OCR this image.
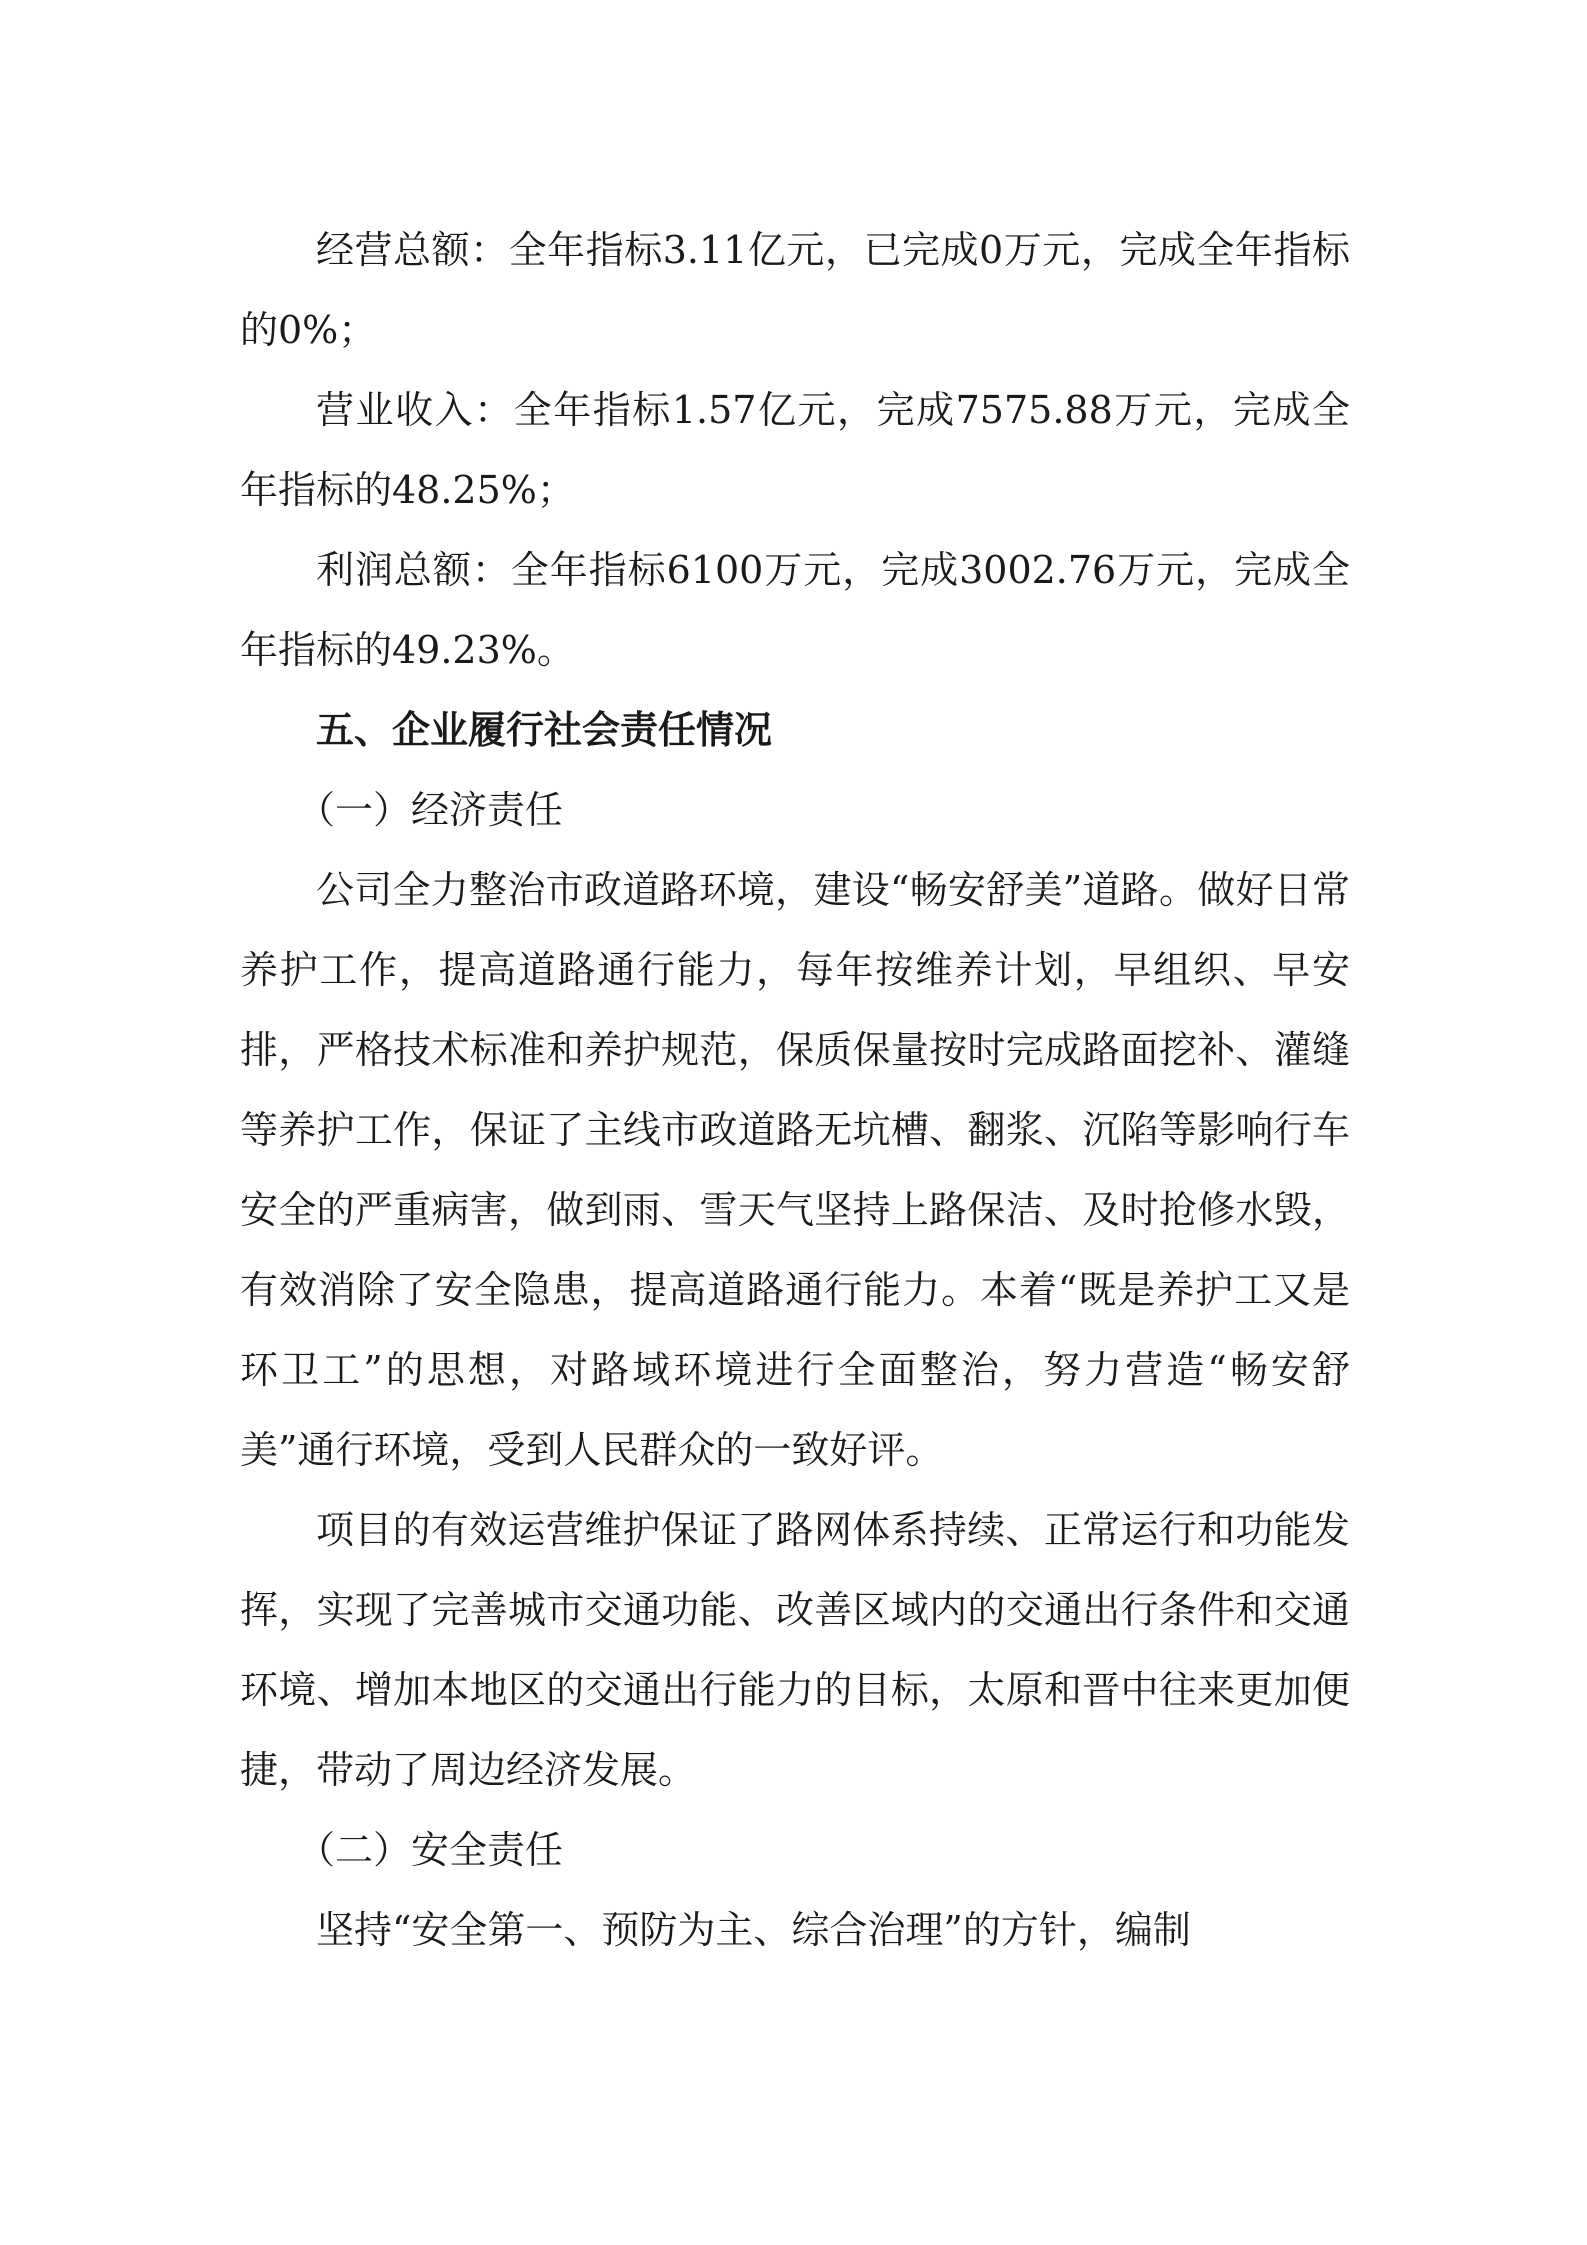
经营总额：全年指标3.11亿元，已完成0万元，完成全年指标的0%；

营业收入：全年指标1.57亿元，完成7575.88万元，完成全年指标的48.25%；

利润总额：全年指标6100万元，完成3002.76万元，完成全年指标的49.23%。

五、企业履行社会责任情况

（一）经济责任

公司全力整治市政道路环境，建设“畅安舒美”道路。做好日常养护工作，提高道路通行能力，每年按维养计划，早组织、早安排，严格技术标准和养护规范，保质保量按时完成路面挖补、灌缝等养护工作，保证了主线市政道路无坑槽、翻浆、沉陷等影响行车安全的严重病害，做到雨、雪天气坚持上路保洁、及时抢修水毁，有效消除了安全隐患，提高道路通行能力。本着“既是养护工又是环卫工”的思想，对路域环境进行全面整治，努力营造“畅安舒美”通行环境，受到人民群众的一致好评。

项目的有效运营维护保证了路网体系持续、正常运行和功能发挥，实现了完善城市交通功能、改善区域内的交通出行条件和交通环境、增加本地区的交通出行能力的目标，太原和晋中往来更加便捷，带动了周边经济发展。

（二）安全责任

坚持“安全第一、预防为主、综合治理”的方针，编制
